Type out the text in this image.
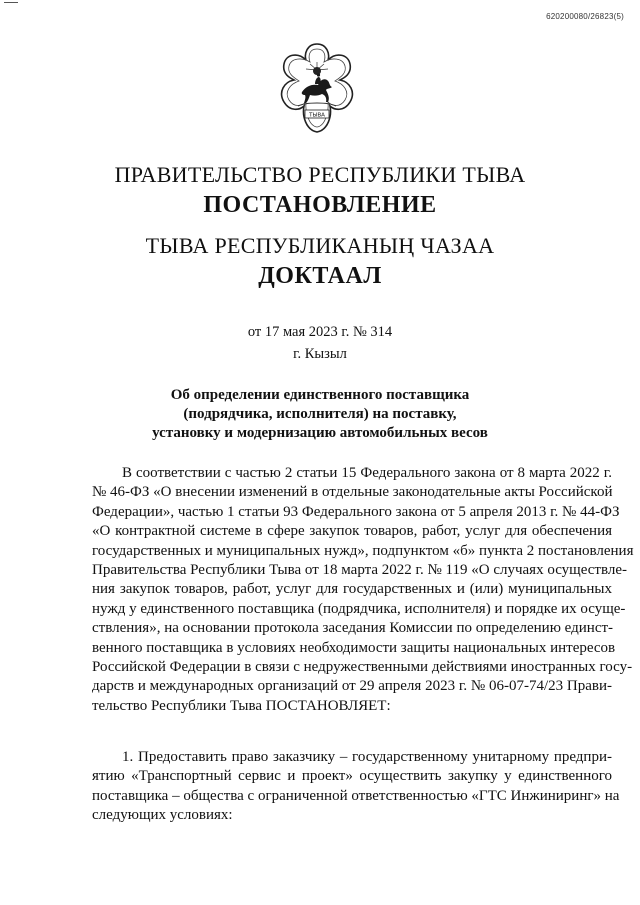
620200080/26823(5)
ТЫВА
ПРАВИТЕЛЬСТВО РЕСПУБЛИКИ ТЫВА
ПОСТАНОВЛЕНИЕ
ТЫВА РЕСПУБЛИКАНЫҢ ЧАЗАА
ДОКТААЛ
от 17 мая 2023 г. № 314
г. Кызыл
Об определении единственного поставщика
(подрядчика, исполнителя) на поставку,
установку и модернизацию автомобильных весов
В соответствии с частью 2 статьи 15 Федерального закона от 8 марта 2022 г.
№ 46-ФЗ «О внесении изменений в отдельные законодательные акты Российской
Федерации», частью 1 статьи 93 Федерального закона от 5 апреля 2013 г. № 44-ФЗ
«О контрактной системе в сфере закупок товаров, работ, услуг для обеспечения
государственных и муниципальных нужд», подпунктом «б» пункта 2 постановления
Правительства Республики Тыва от 18 марта 2022 г. № 119 «О случаях осуществле-
ния закупок товаров, работ, услуг для государственных и (или) муниципальных
нужд у единственного поставщика (подрядчика, исполнителя) и порядке их осуще-
ствления», на основании протокола заседания Комиссии по определению единст-
венного поставщика в условиях необходимости защиты национальных интересов
Российской Федерации в связи с недружественными действиями иностранных госу-
дарств и международных организаций от 29 апреля 2023 г. № 06-07-74/23 Прави-
тельство Республики Тыва ПОСТАНОВЛЯЕТ:
1. Предоставить право заказчику – государственному унитарному предпри-
ятию «Транспортный сервис и проект» осуществить закупку у единственного
поставщика – общества с ограниченной ответственностью «ГТС Инжиниринг» на
следующих условиях:
